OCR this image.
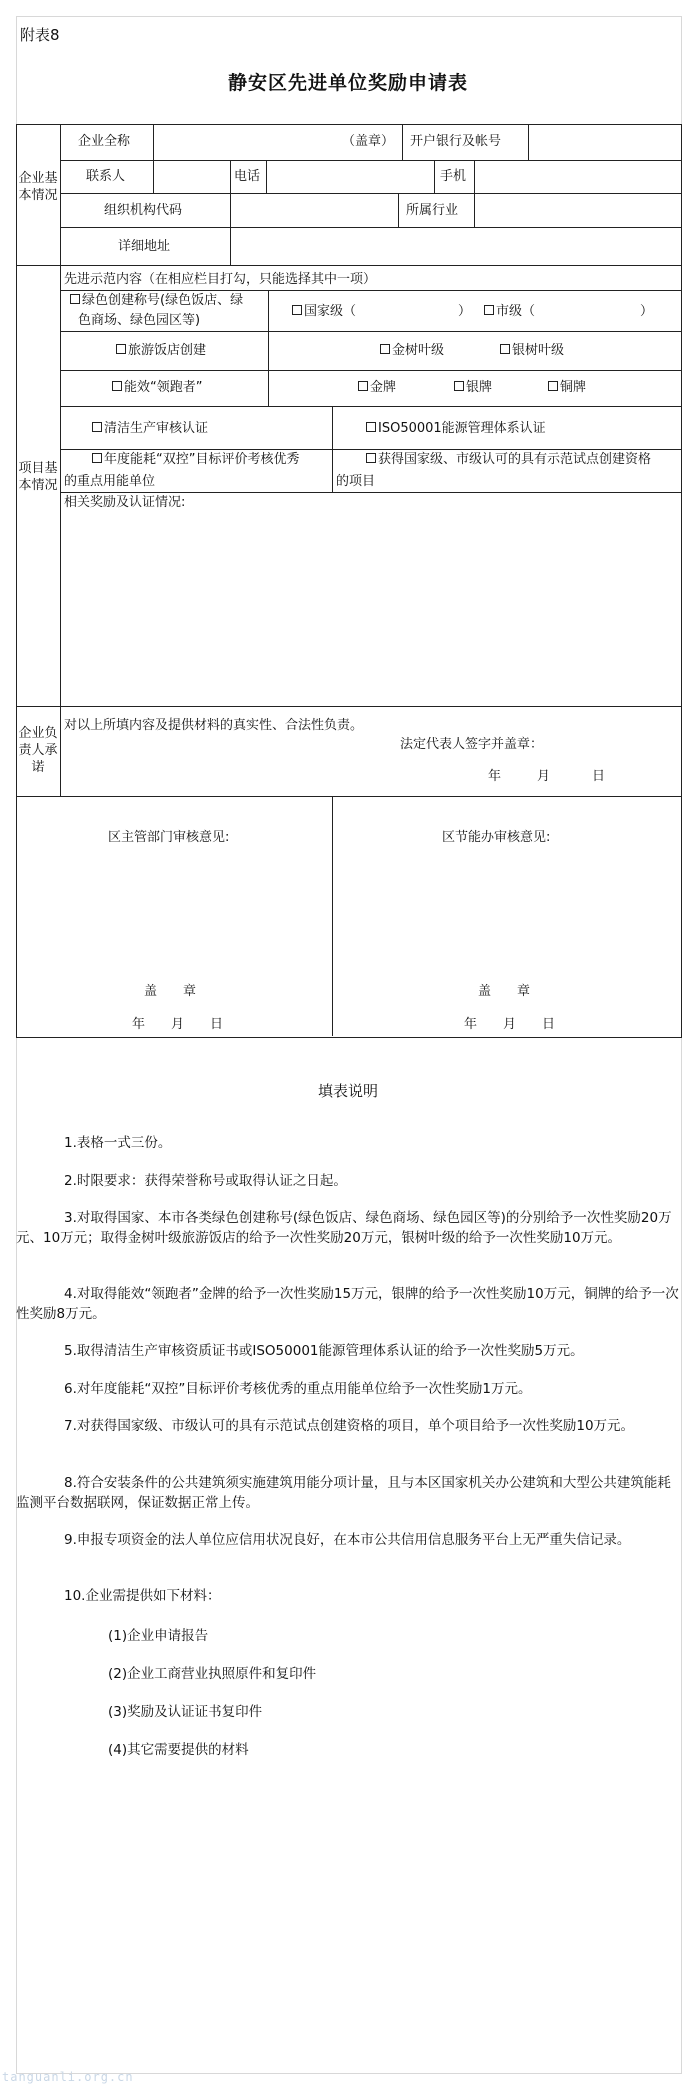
附表8
静安区先进单位奖励申请表
企业基本情况
企业全称	（盖章） 开户银行及帐号
联系人	电话	手机
组织机构代码	所属行业
详细地址
项目基本情况
先进示范内容（在相应栏目打勾，只能选择其中一项）
绿色创建称号(绿色饭店、绿
色商场、绿色园区等)
国家级（	）	市级（	）
旅游饭店创建	金树叶级	银树叶级
能效“领跑者”	金牌	银牌	铜牌
清洁生产审核认证	ISO50001能源管理体系认证
年度能耗“双控”目标评价考核优秀
的重点用能单位
获得国家级、市级认可的具有示范试点创建资格
的项目
相关奖励及认证情况:
企业负责人承诺
对以上所填内容及提供材料的真实性、合法性负责。
法定代表人签字并盖章：
年	月	日
区主管部门审核意见:	区节能办审核意见:
盖　　章	盖　　章
年　　月　　日	年　　月　　日
填表说明

1.表格一式三份。

2.时限要求：获得荣誉称号或取得认证之日起。

3.对取得国家、本市各类绿色创建称号(绿色饭店、绿色商场、绿色园区等)的分别给予一次性奖励20万元、10万元；取得金树叶级旅游饭店的给予一次性奖励20万元，银树叶级的给予一次性奖励10万元。

4.对取得能效“领跑者”金牌的给予一次性奖励15万元，银牌的给予一次性奖励10万元，铜牌的给予一次性奖励8万元。

5.取得清洁生产审核资质证书或ISO50001能源管理体系认证的给予一次性奖励5万元。

6.对年度能耗“双控”目标评价考核优秀的重点用能单位给予一次性奖励1万元。

7.对获得国家级、市级认可的具有示范试点创建资格的项目，单个项目给予一次性奖励10万元。

8.符合安装条件的公共建筑须实施建筑用能分项计量，且与本区国家机关办公建筑和大型公共建筑能耗监测平台数据联网，保证数据正常上传。

9.申报专项资金的法人单位应信用状况良好，在本市公共信用信息服务平台上无严重失信记录。

10.企业需提供如下材料：

(1)企业申请报告
(2)企业工商营业执照原件和复印件
(3)奖励及认证证书复印件
(4)其它需要提供的材料
tanguanli.org.cn
